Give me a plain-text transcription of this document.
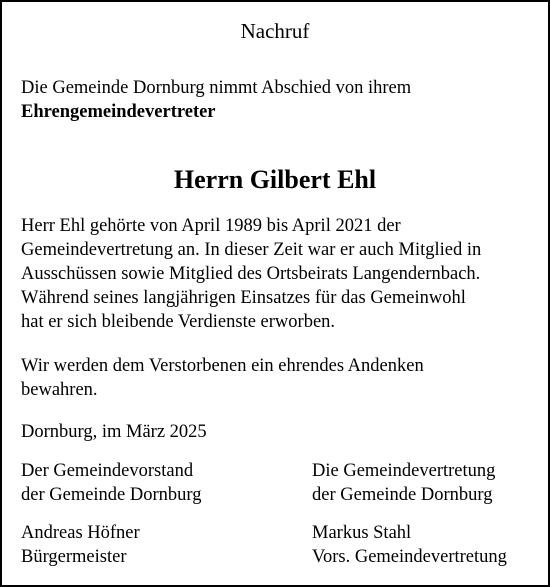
Nachruf
Die Gemeinde Dornburg nimmt Abschied von ihrem
Ehrengemeindevertreter
Herrn Gilbert Ehl
Herr Ehl gehörte von April 1989 bis April 2021 der
Gemeindevertretung an. In dieser Zeit war er auch Mitglied in
Ausschüssen sowie Mitglied des Ortsbeirats Langendernbach.
Während seines langjährigen Einsatzes für das Gemeinwohl
hat er sich bleibende Verdienste erworben.
Wir werden dem Verstorbenen ein ehrendes Andenken
bewahren.
Dornburg, im März 2025
Der Gemeindevorstand
der Gemeinde Dornburg
Die Gemeindevertretung
der Gemeinde Dornburg
Andreas Höfner
Bürgermeister
Markus Stahl
Vors. Gemeindevertretung
